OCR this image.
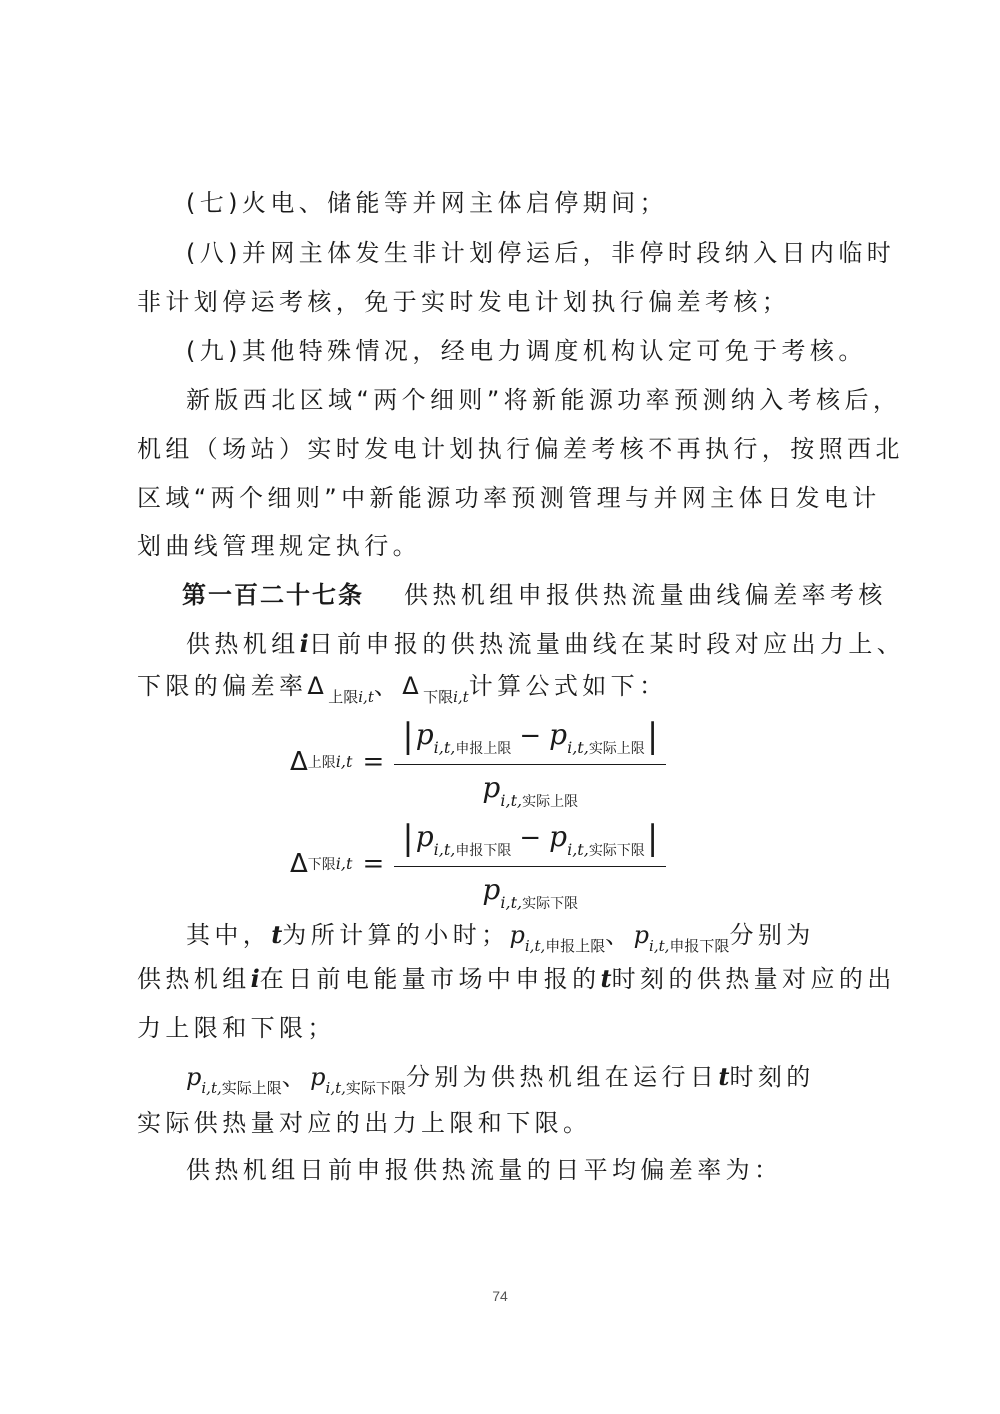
(七)火电、储能等并网主体启停期间；
(八)并网主体发生非计划停运后，非停时段纳入日内临时
非计划停运考核，免于实时发电计划执行偏差考核；
(九)其他特殊情况，经电力调度机构认定可免于考核。
新版西北区域“两个细则”将新能源功率预测纳入考核后，
机组（场站）实时发电计划执行偏差考核不再执行，按照西北
区域“两个细则”中新能源功率预测管理与并网主体日发电计
划曲线管理规定执行。
第一百二十七条 供热机组申报供热流量曲线偏差率考核
供热机组i日前申报的供热流量曲线在某时段对应出力上、
下限的偏差率$\Delta_{上限i,t}$、$\Delta_{下限i,t}$计算公式如下：
Δ 上限$i,t = \frac{|p_{i,t,申报上限} - p_{i,t,实际上限}|}{p_{i,t,实际上限}}$
Δ 下限$i,t = \frac{|p_{i,t,申报下限} - p_{i,t,实际下限}|}{p_{i,t,实际下限}}$
其中，t为所计算的小时；$p_{i,t,申报上限}$、$p_{i,t,申报下限}$分别为
供热机组i在日前电能量市场中申报的t时刻的供热量对应的出
力上限和下限；
$p_{i,t,实际上限}$、$p_{i,t,实际下限}$分别为供热机组在运行日t时刻的
实际供热量对应的出力上限和下限。
供热机组日前申报供热流量的日平均偏差率为：
74
